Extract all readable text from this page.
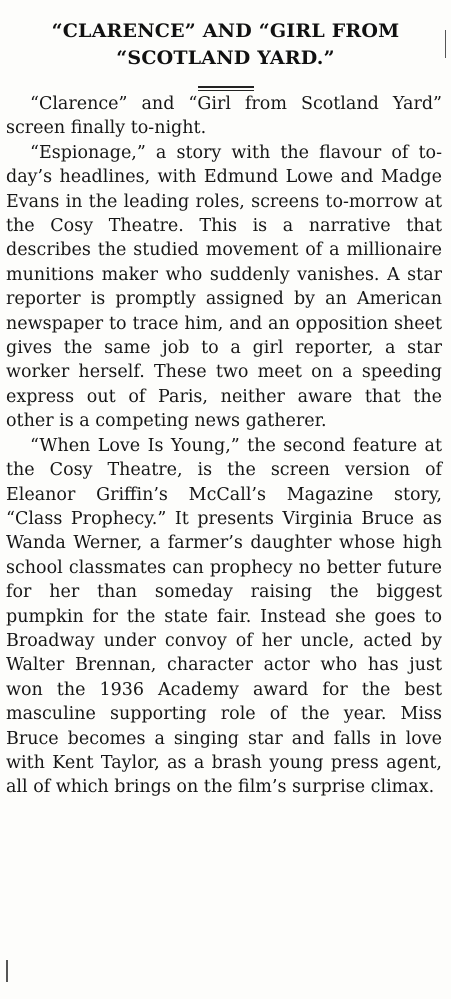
“CLARENCE” AND “GIRL FROM
“SCOTLAND YARD.”

“Clarence” and “Girl from Scotland Yard” screen finally to-night.

“Espionage,” a story with the flavour of to-day’s headlines, with Edmund Lowe and Madge Evans in the leading roles, screens to-morrow at the Cosy Theatre. This is a narrative that describes the studied movement of a millionaire munitions maker who suddenly vanishes. A star reporter is promptly assigned by an American newspaper to trace him, and an opposition sheet gives the same job to a girl reporter, a star worker herself. These two meet on a speeding express out of Paris, neither aware that the other is a competing news gatherer.

“When Love Is Young,” the second feature at the Cosy Theatre, is the screen version of Eleanor Griffin’s McCall’s Magazine story, “Class Prophecy.” It presents Virginia Bruce as Wanda Werner, a farmer’s daughter whose high school classmates can prophecy no better future for her than someday raising the biggest pumpkin for the state fair. Instead she goes to Broadway under convoy of her uncle, acted by Walter Brennan, character actor who has just won the 1936 Academy award for the best masculine supporting role of the year. Miss Bruce becomes a singing star and falls in love with Kent Taylor, as a brash young press agent, all of which brings on the film’s surprise climax.
